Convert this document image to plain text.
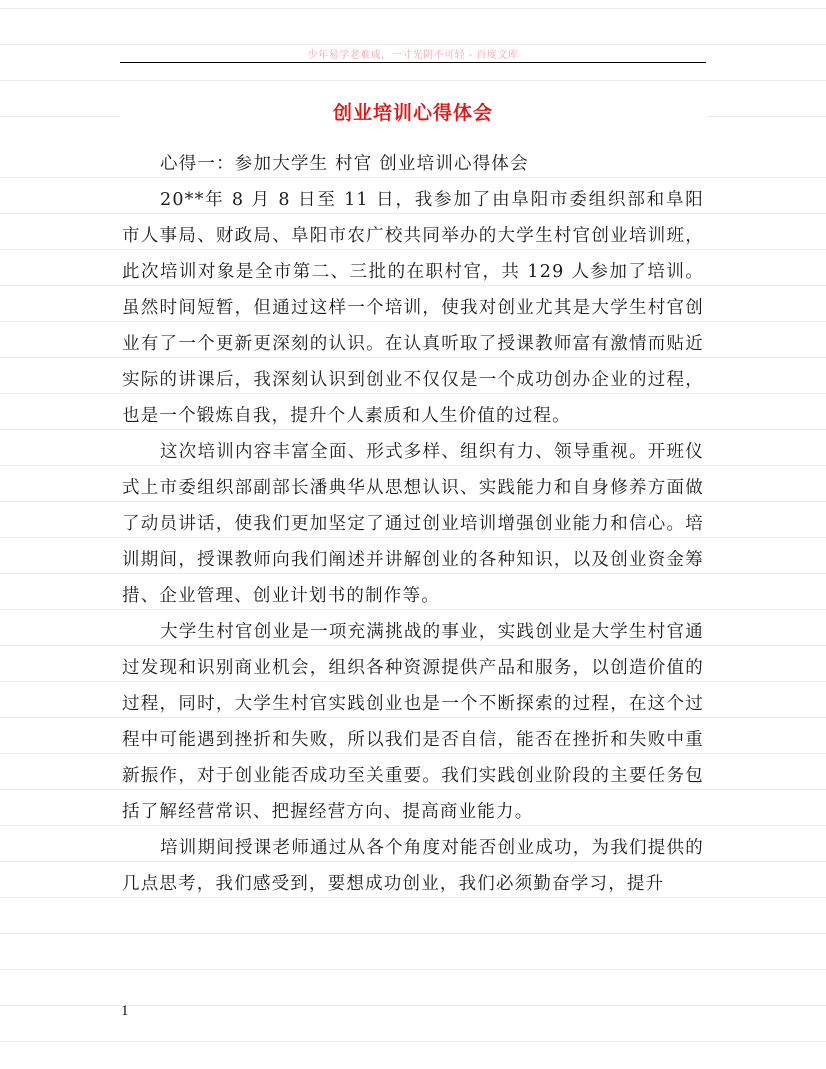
少年易学老难成，一寸光阴不可轻 - 百度文库
创业培训心得体会

心得一：参加大学生 村官 创业培训心得体会

20**年 8 月 8 日至 11 日，我参加了由阜阳市委组织部和阜阳市人事局、财政局、阜阳市农广校共同举办的大学生村官创业培训班，此次培训对象是全市第二、三批的在职村官，共 129 人参加了培训。虽然时间短暂，但通过这样一个培训，使我对创业尤其是大学生村官创业有了一个更新更深刻的认识。在认真听取了授课教师富有激情而贴近实际的讲课后，我深刻认识到创业不仅仅是一个成功创办企业的过程，也是一个锻炼自我，提升个人素质和人生价值的过程。

这次培训内容丰富全面、形式多样、组织有力、领导重视。开班仪式上市委组织部副部长潘典华从思想认识、实践能力和自身修养方面做了动员讲话，使我们更加坚定了通过创业培训增强创业能力和信心。培训期间，授课教师向我们阐述并讲解创业的各种知识，以及创业资金筹措、企业管理、创业计划书的制作等。

大学生村官创业是一项充满挑战的事业，实践创业是大学生村官通过发现和识别商业机会，组织各种资源提供产品和服务，以创造价值的过程，同时，大学生村官实践创业也是一个不断探索的过程，在这个过程中可能遇到挫折和失败，所以我们是否自信，能否在挫折和失败中重新振作，对于创业能否成功至关重要。我们实践创业阶段的主要任务包括了解经营常识、把握经营方向、提高商业能力。

培训期间授课老师通过从各个角度对能否创业成功，为我们提供的几点思考，我们感受到，要想成功创业，我们必须勤奋学习，提升

1
